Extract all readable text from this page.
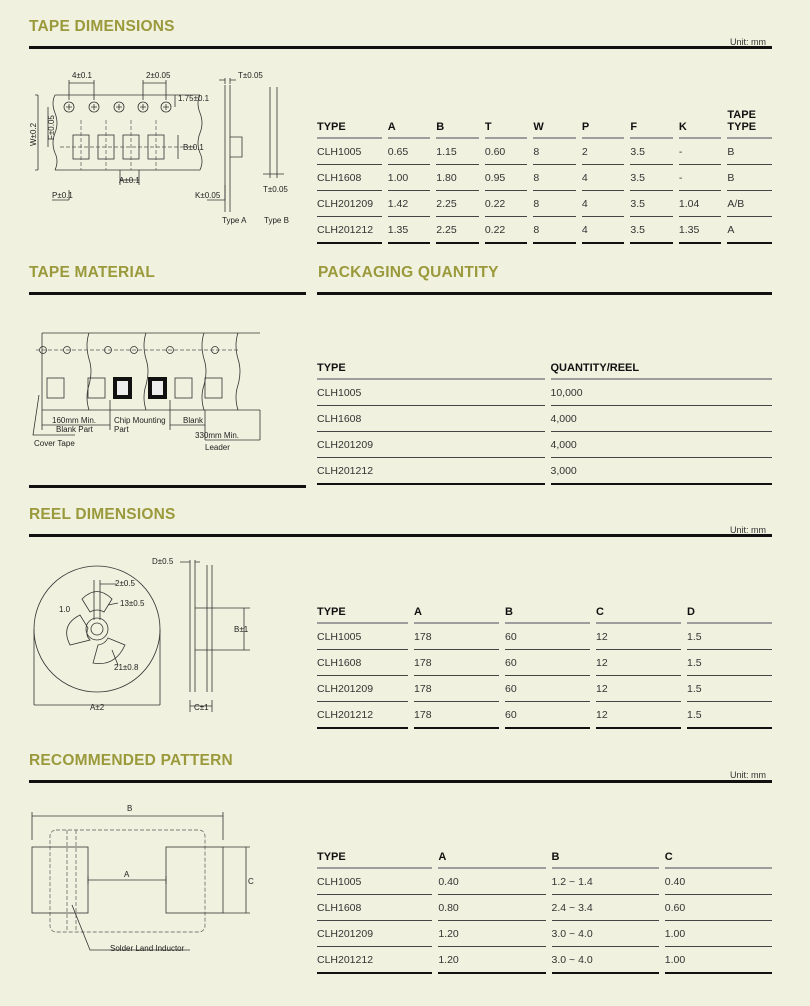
TAPE DIMENSIONS
Unit: mm
4±0.1	2±0.05
1.75±0.1
B±0.1
A±0.1
P±0.1	K±0.05
W±0.2 F±0.05
T±0.05
T±0.05
Type A Type B
TYPE	A	B	T	W	P	F	K	TAPE TYPE
CLH1005	0.65	1.15	0.60	8	2	3.5	-	B
CLH1608	1.00	1.80	0.95	8	4	3.5	-	B
CLH201209	1.42	2.25	0.22	8	4	3.5	1.04	A/B
CLH201212	1.35	2.25	0.22	8	4	3.5	1.35	A
TAPE MATERIAL
160mm Min.
Blank Part
Chip Mounting
Part
Blank
330mm Min.
Leader
Cover Tape
PACKAGING QUANTITY
TYPE	QUANTITY/REEL
CLH1005	10,000
CLH1608	4,000
CLH201209	4,000
CLH201212	3,000
REEL DIMENSIONS
Unit: mm
2±0.5
1.0
13±0.5
21±0.8
A±2
D±0.5
B±1
C±1
TYPE	A	B	C	D
CLH1005	178	60	12	1.5
CLH1608	178	60	12	1.5
CLH201209	178	60	12	1.5
CLH201212	178	60	12	1.5
RECOMMENDED PATTERN
Unit: mm
B
A
C
Solder Land Inductor
TYPE	A	B	C
CLH1005	0.40	1.2 ~ 1.4	0.40
CLH1608	0.80	2.4 ~ 3.4	0.60
CLH201209	1.20	3.0 ~ 4.0	1.00
CLH201212	1.20	3.0 ~ 4.0	1.00
